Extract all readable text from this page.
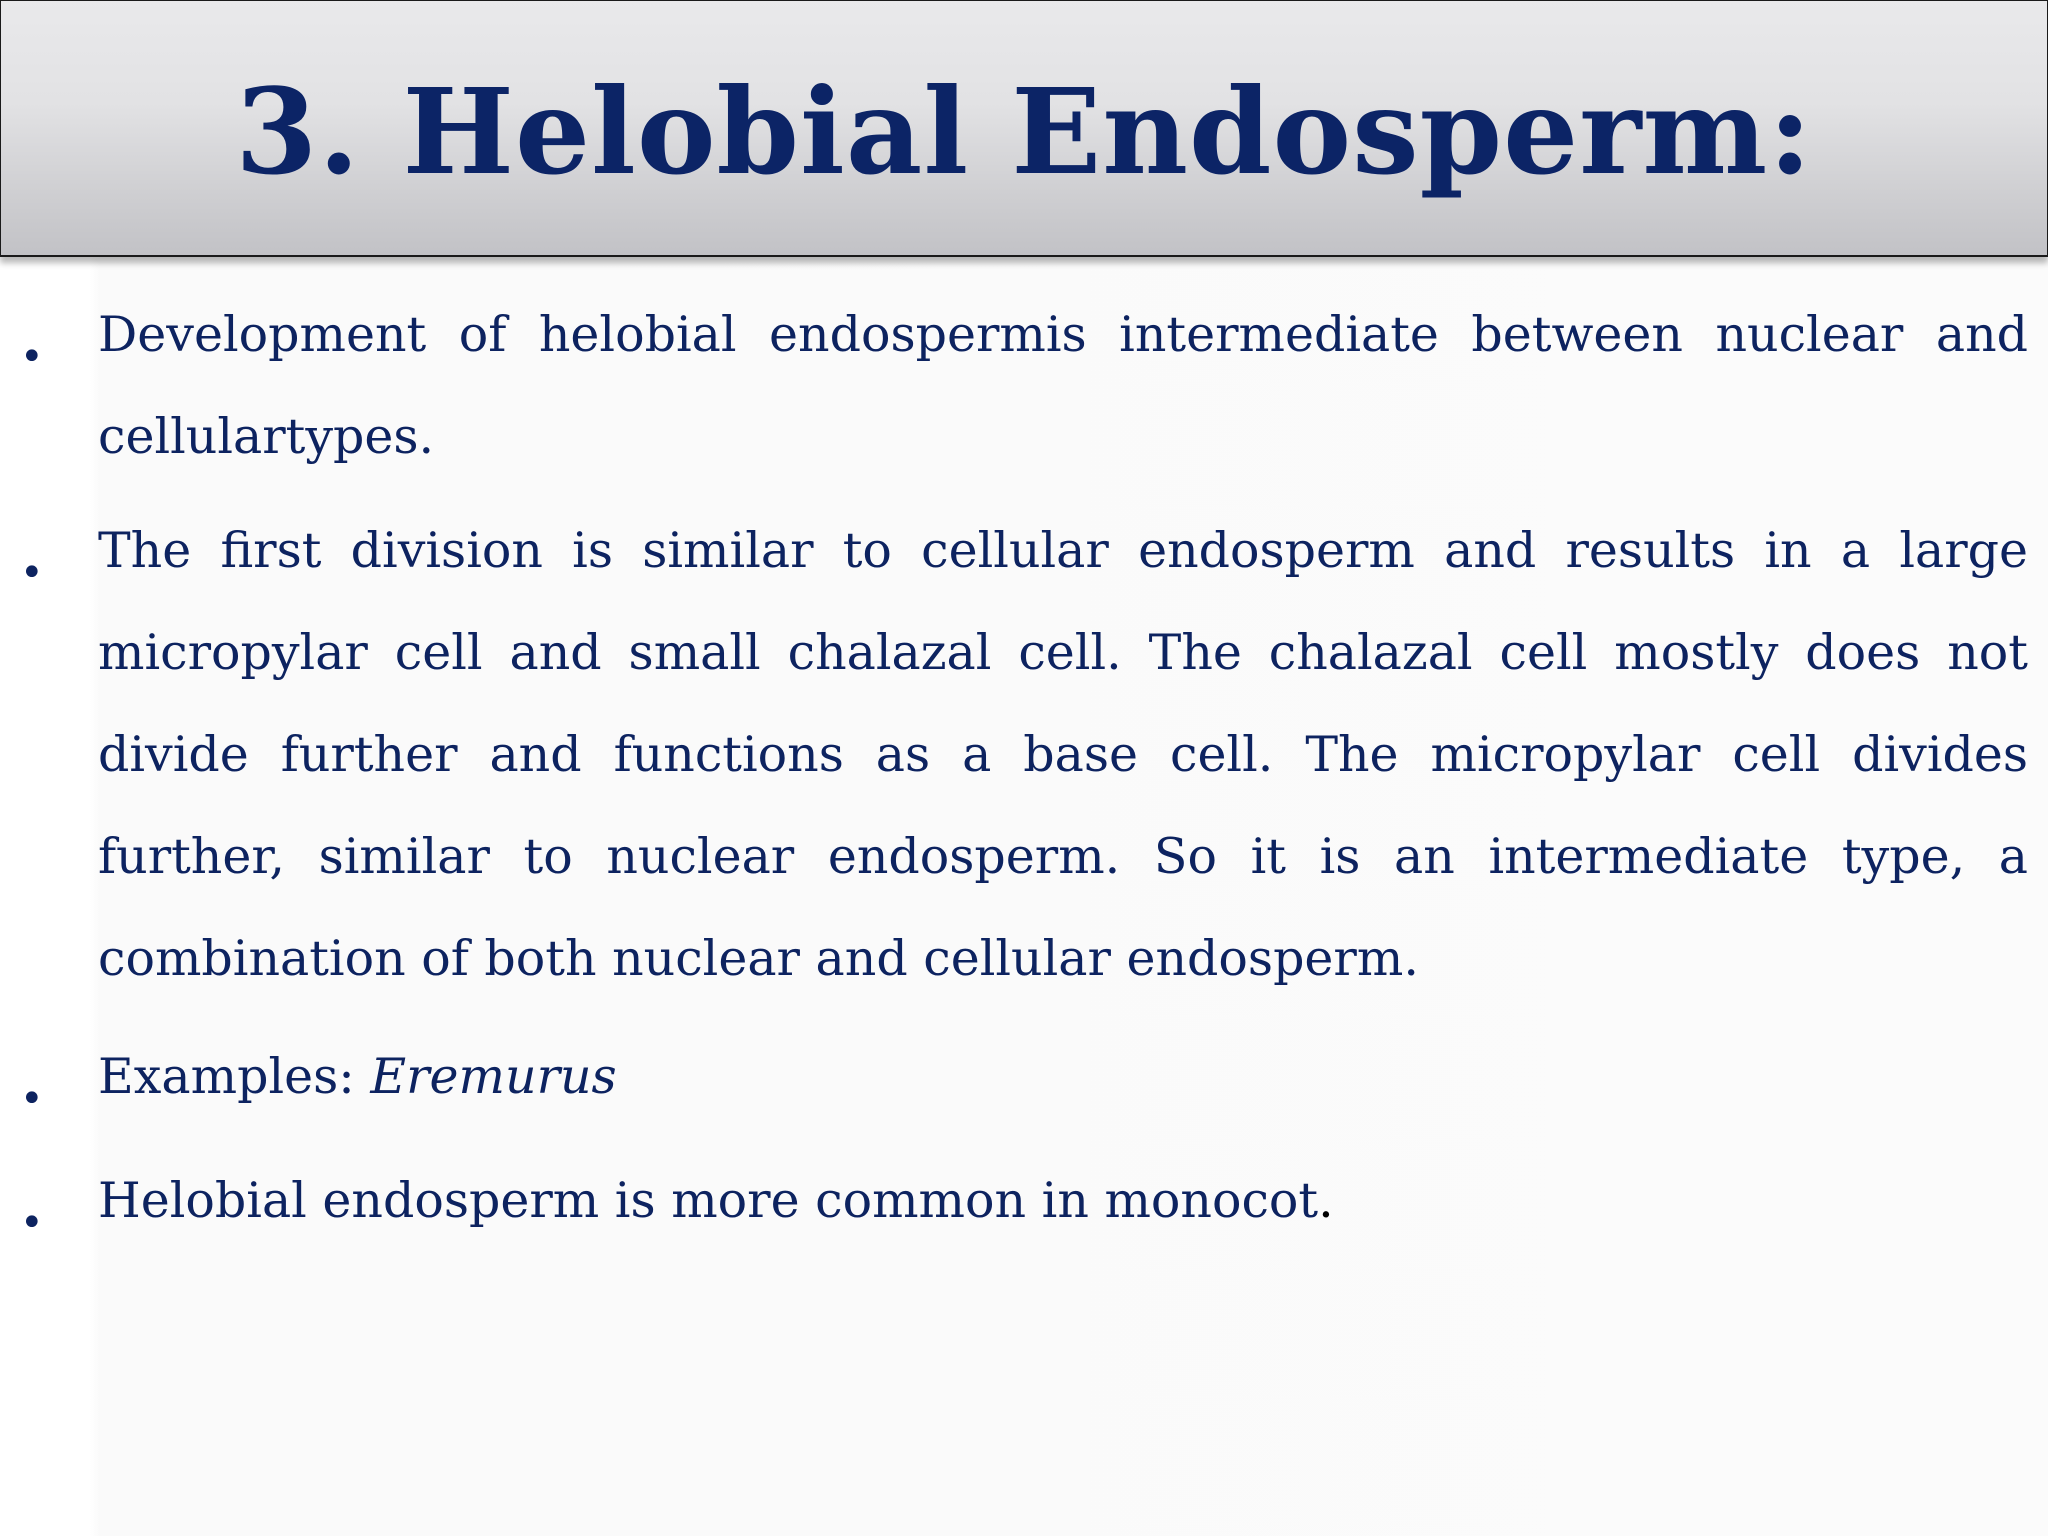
3. Helobial Endosperm:
• Development of helobial endospermis intermediate between nuclear and cellulartypes.
• The first division is similar to cellular endosperm and results in a large micropylar cell and small chalazal cell. The chalazal cell mostly does not divide further and functions as a base cell. The micropylar cell divides further, similar to nuclear endosperm. So it is an intermediate type, a combination of both nuclear and cellular endosperm.
• Examples: Eremurus
• Helobial endosperm is more common in monocot.
